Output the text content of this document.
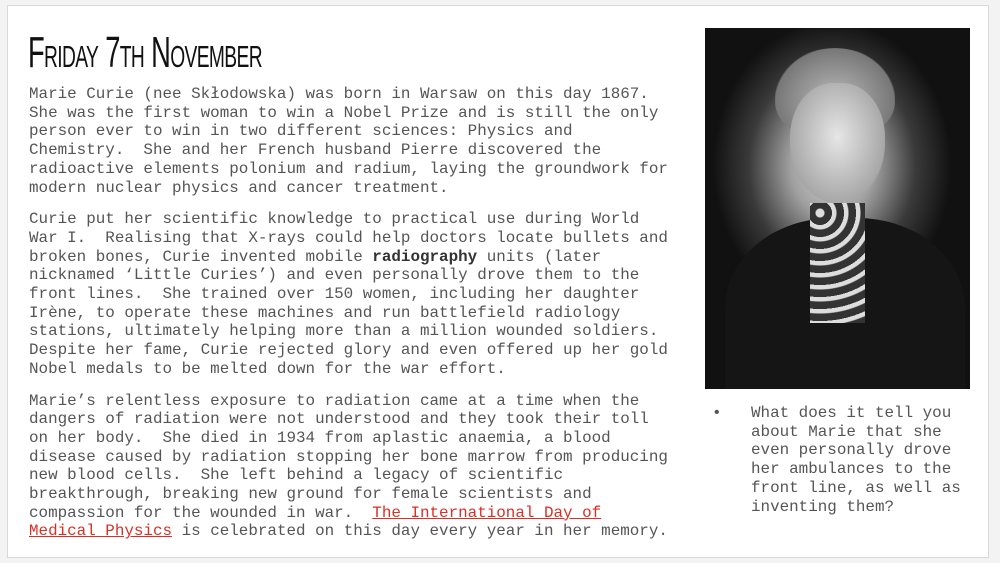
Friday 7th November
Marie Curie (nee Skłodowska) was born in Warsaw on this day 1867.
She was the first woman to win a Nobel Prize and is still the only
person ever to win in two different sciences: Physics and
Chemistry.  She and her French husband Pierre discovered the
radioactive elements polonium and radium, laying the groundwork for
modern nuclear physics and cancer treatment.
Curie put her scientific knowledge to practical use during World
War I.  Realising that X-rays could help doctors locate bullets and
broken bones, Curie invented mobile radiography units (later
nicknamed ‘Little Curies’) and even personally drove them to the
front lines.  She trained over 150 women, including her daughter
Irène, to operate these machines and run battlefield radiology
stations, ultimately helping more than a million wounded soldiers.
Despite her fame, Curie rejected glory and even offered up her gold
Nobel medals to be melted down for the war effort.
Marie’s relentless exposure to radiation came at a time when the
dangers of radiation were not understood and they took their toll
on her body.  She died in 1934 from aplastic anaemia, a blood
disease caused by radiation stopping her bone marrow from producing
new blood cells.  She left behind a legacy of scientific
breakthrough, breaking new ground for female scientists and
compassion for the wounded in war.  The International Day of
Medical Physics is celebrated on this day every year in her memory.
• What does it tell you about Marie that she even personally drove her ambulances to the front line, as well as inventing them?
